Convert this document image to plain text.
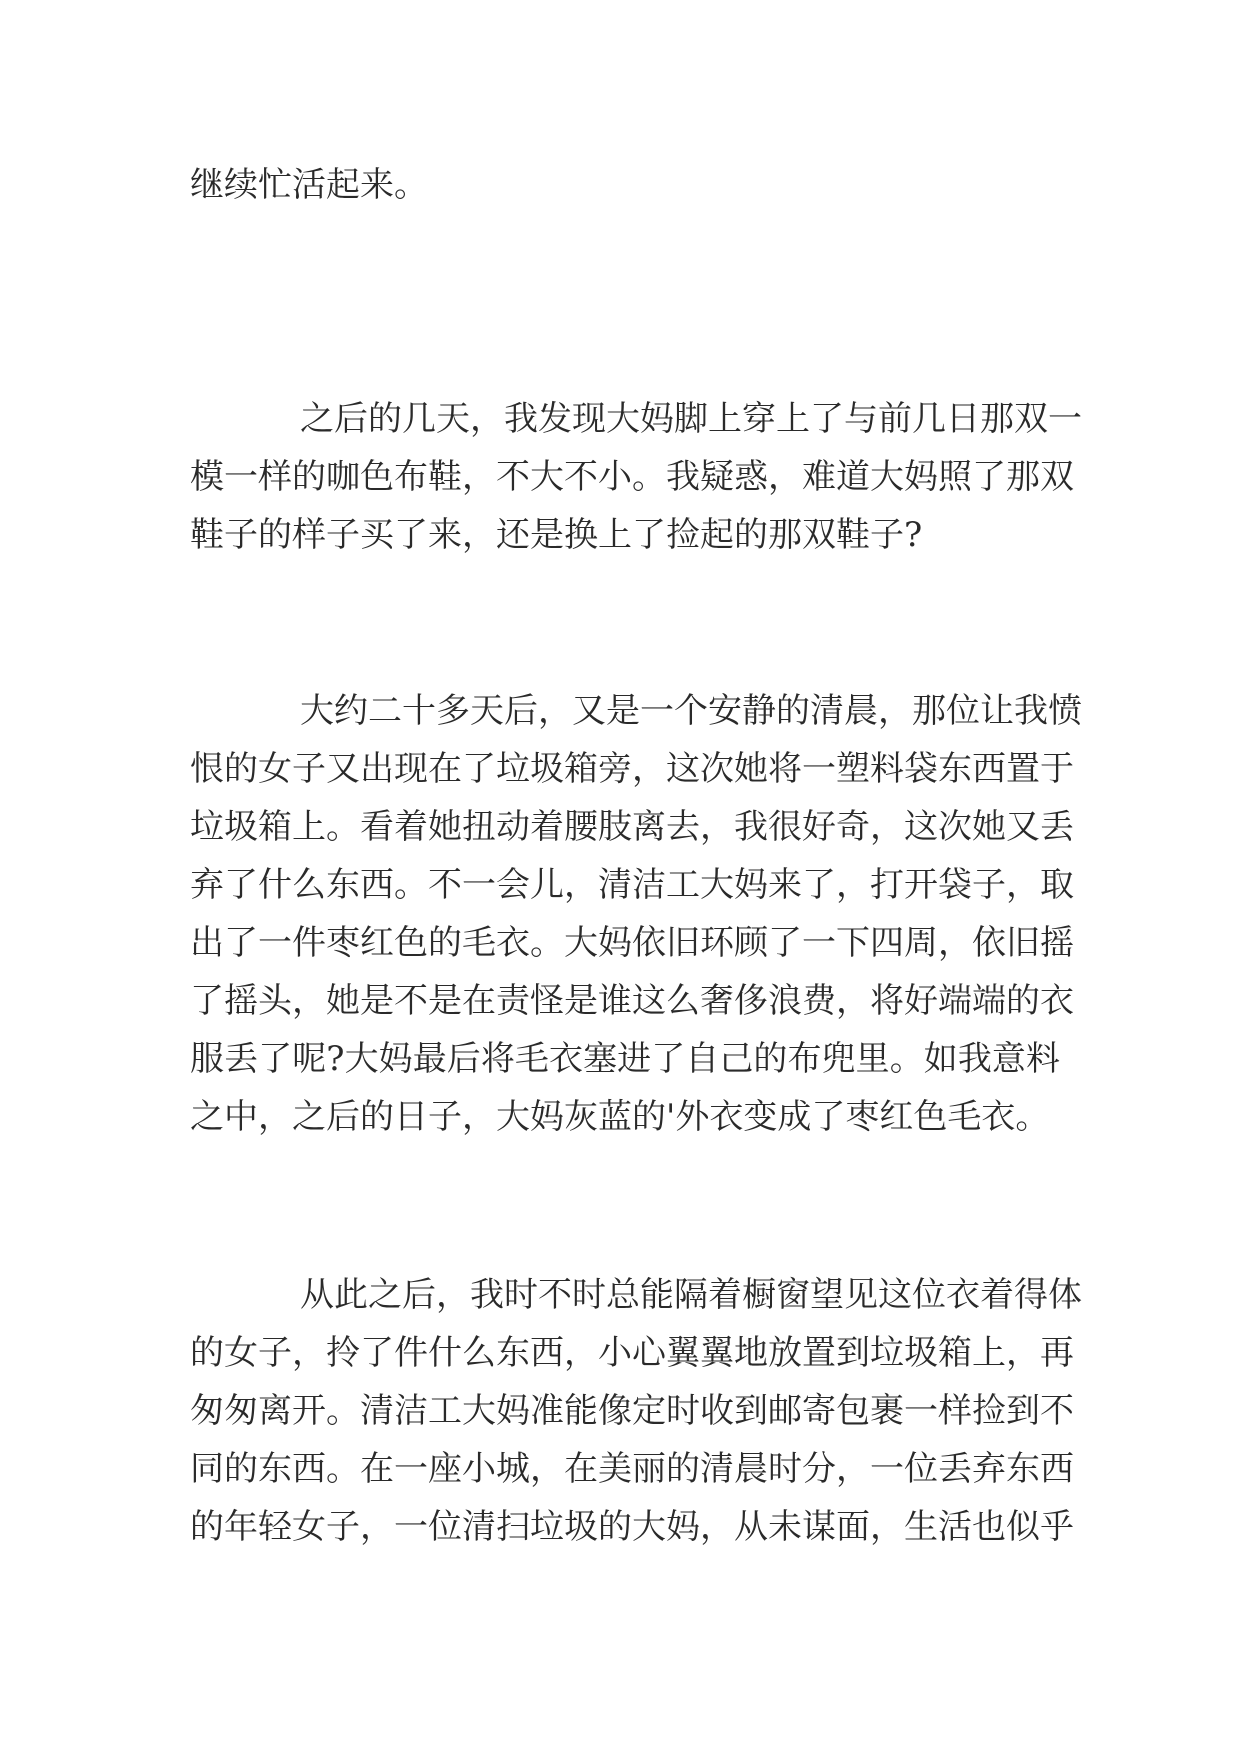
继续忙活起来。
之后的几天，我发现大妈脚上穿上了与前几日那双一
模一样的咖色布鞋，不大不小。我疑惑，难道大妈照了那双
鞋子的样子买了来，还是换上了捡起的那双鞋子?
大约二十多天后，又是一个安静的清晨，那位让我愤
恨的女子又出现在了垃圾箱旁，这次她将一塑料袋东西置于
垃圾箱上。看着她扭动着腰肢离去，我很好奇，这次她又丢
弃了什么东西。不一会儿，清洁工大妈来了，打开袋子，取
出了一件枣红色的毛衣。大妈依旧环顾了一下四周，依旧摇
了摇头，她是不是在责怪是谁这么奢侈浪费，将好端端的衣
服丢了呢?大妈最后将毛衣塞进了自己的布兜里。如我意料
之中，之后的日子，大妈灰蓝的'外衣变成了枣红色毛衣。
从此之后，我时不时总能隔着橱窗望见这位衣着得体
的女子，拎了件什么东西，小心翼翼地放置到垃圾箱上，再
匆匆离开。清洁工大妈准能像定时收到邮寄包裹一样捡到不
同的东西。在一座小城，在美丽的清晨时分，一位丢弃东西
的年轻女子，一位清扫垃圾的大妈，从未谋面，生活也似乎
